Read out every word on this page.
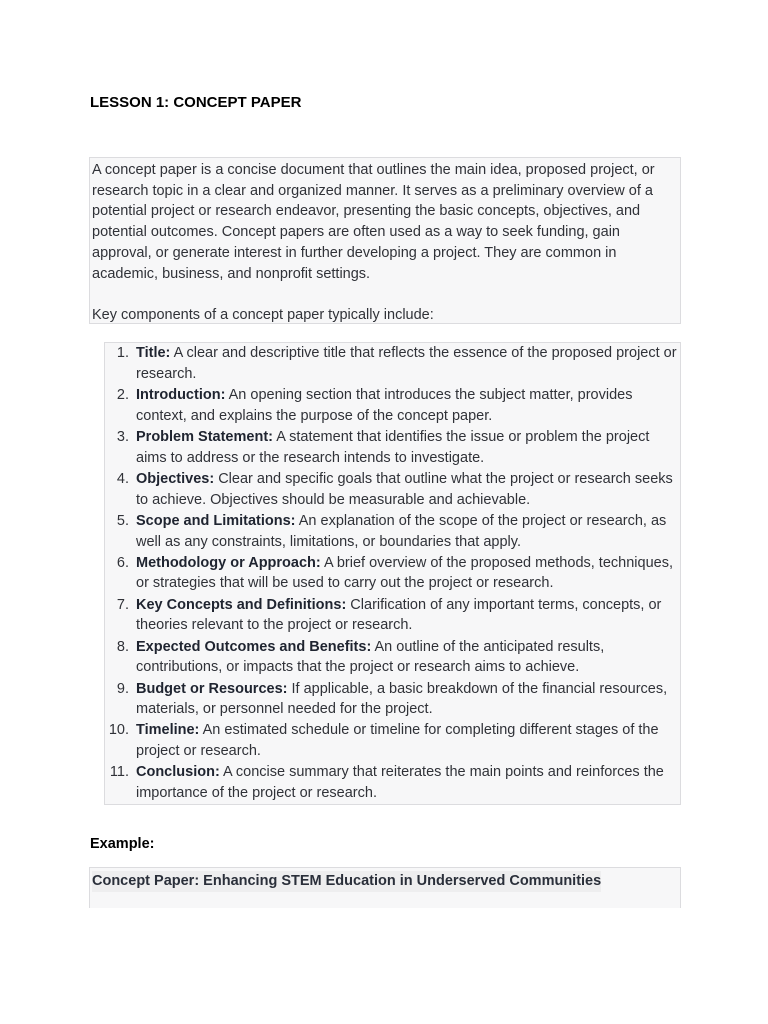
LESSON 1: CONCEPT PAPER

A concept paper is a concise document that outlines the main idea, proposed project, or research topic in a clear and organized manner. It serves as a preliminary overview of a potential project or research endeavor, presenting the basic concepts, objectives, and potential outcomes. Concept papers are often used as a way to seek funding, gain approval, or generate interest in further developing a project. They are common in academic, business, and nonprofit settings.

Key components of a concept paper typically include:

1. Title: A clear and descriptive title that reflects the essence of the proposed project or research.
2. Introduction: An opening section that introduces the subject matter, provides context, and explains the purpose of the concept paper.
3. Problem Statement: A statement that identifies the issue or problem the project aims to address or the research intends to investigate.
4. Objectives: Clear and specific goals that outline what the project or research seeks to achieve. Objectives should be measurable and achievable.
5. Scope and Limitations: An explanation of the scope of the project or research, as well as any constraints, limitations, or boundaries that apply.
6. Methodology or Approach: A brief overview of the proposed methods, techniques, or strategies that will be used to carry out the project or research.
7. Key Concepts and Definitions: Clarification of any important terms, concepts, or theories relevant to the project or research.
8. Expected Outcomes and Benefits: An outline of the anticipated results, contributions, or impacts that the project or research aims to achieve.
9. Budget or Resources: If applicable, a basic breakdown of the financial resources, materials, or personnel needed for the project.
10. Timeline: An estimated schedule or timeline for completing different stages of the project or research.
11. Conclusion: A concise summary that reiterates the main points and reinforces the importance of the project or research.
Example:
Concept Paper: Enhancing STEM Education in Underserved Communities
